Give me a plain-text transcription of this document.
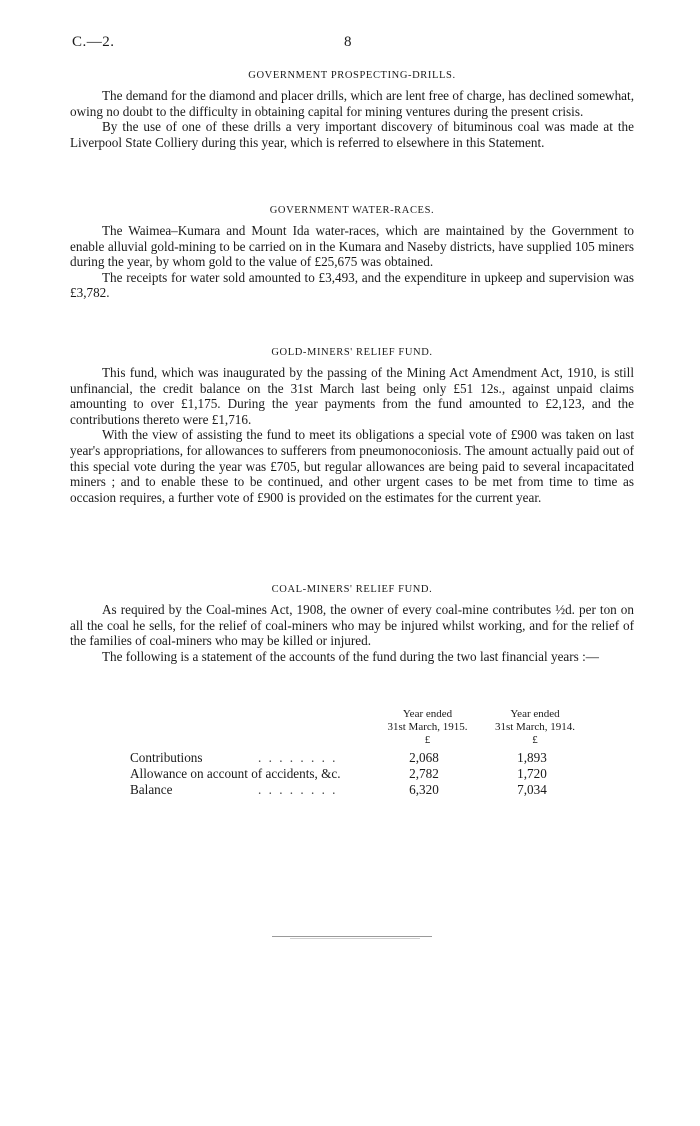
C.—2.	8
GOVERNMENT PROSPECTING-DRILLS.

The demand for the diamond and placer drills, which are lent free of charge, has declined somewhat, owing no doubt to the difficulty in obtaining capital for mining ventures during the present crisis.

By the use of one of these drills a very important discovery of bituminous coal was made at the Liverpool State Colliery during this year, which is referred to elsewhere in this Statement.

GOVERNMENT WATER-RACES.

The Waimea–Kumara and Mount Ida water-races, which are maintained by the Government to enable alluvial gold-mining to be carried on in the Kumara and Naseby districts, have supplied 105 miners during the year, by whom gold to the value of £25,675 was obtained.

The receipts for water sold amounted to £3,493, and the expenditure in upkeep and supervision was £3,782.

GOLD-MINERS' RELIEF FUND.

This fund, which was inaugurated by the passing of the Mining Act Amendment Act, 1910, is still unfinancial, the credit balance on the 31st March last being only £51 12s., against unpaid claims amounting to over £1,175. During the year payments from the fund amounted to £2,123, and the contributions thereto were £1,716.

With the view of assisting the fund to meet its obligations a special vote of £900 was taken on last year's appropriations, for allowances to sufferers from pneumonoconiosis. The amount actually paid out of this special vote during the year was £705, but regular allowances are being paid to several incapacitated miners ; and to enable these to be continued, and other urgent cases to be met from time to time as occasion requires, a further vote of £900 is provided on the estimates for the current year.

COAL-MINERS' RELIEF FUND.

As required by the Coal-mines Act, 1908, the owner of every coal-mine contributes ½d. per ton on all the coal he sells, for the relief of coal-miners who may be injured whilst working, and for the relief of the families of coal-miners who may be killed or injured.

The following is a statement of the accounts of the fund during the two last financial years :—

Year ended
31st March, 1915.
£
Year ended
31st March, 1914.
£
Contributions	. . . . . . . .	2,068	1,893
Allowance on account of accidents, &c.	2,782	1,720
Balance	. . . . . . . .	6,320	7,034
